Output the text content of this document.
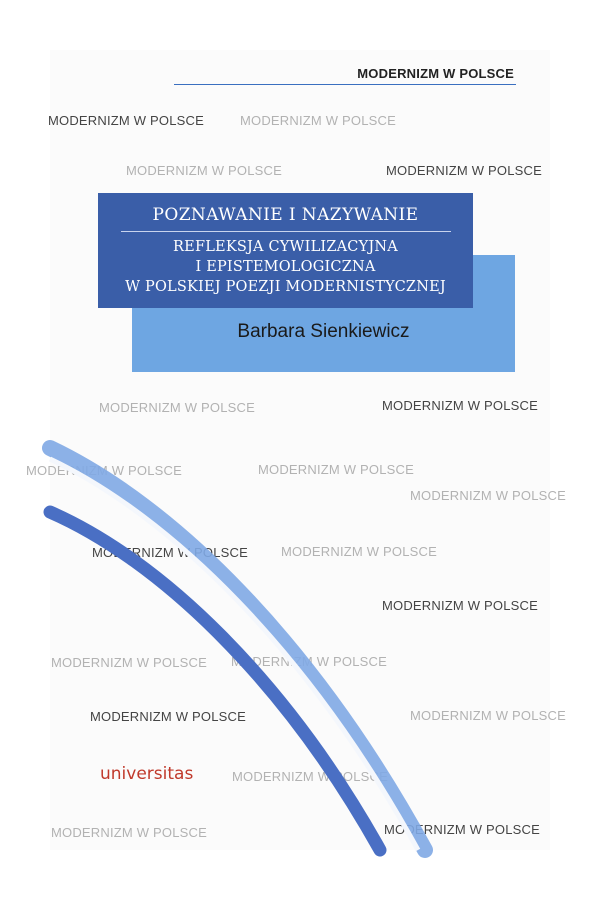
MODERNIZM W POLSCE
MODERNIZM W POLSCE	MODERNIZM W POLSCE
MODERNIZM W POLSCE	MODERNIZM W POLSCE
MODERNIZM W POLSCE	MODERNIZM W POLSCE
MODERNIZM W POLSCE	MODERNIZM W POLSCE
MODERNIZM W POLSCE
MODERNIZM W POLSCE	MODERNIZM W POLSCE
MODERNIZM W POLSCE
MODERNIZM W POLSCE MODERNIZM W POLSCE
MODERNIZM W POLSCE	MODERNIZM W POLSCE
MODERNIZM W POLSCE
MODERNIZM W POLSCE	MODERNIZM W POLSCE
Barbara Sienkiewicz
POZNAWANIE I NAZYWANIE
REFLEKSJA CYWILIZACYJNA
I EPISTEMOLOGICZNA
W POLSKIEJ POEZJI MODERNISTYCZNEJ
universitas
